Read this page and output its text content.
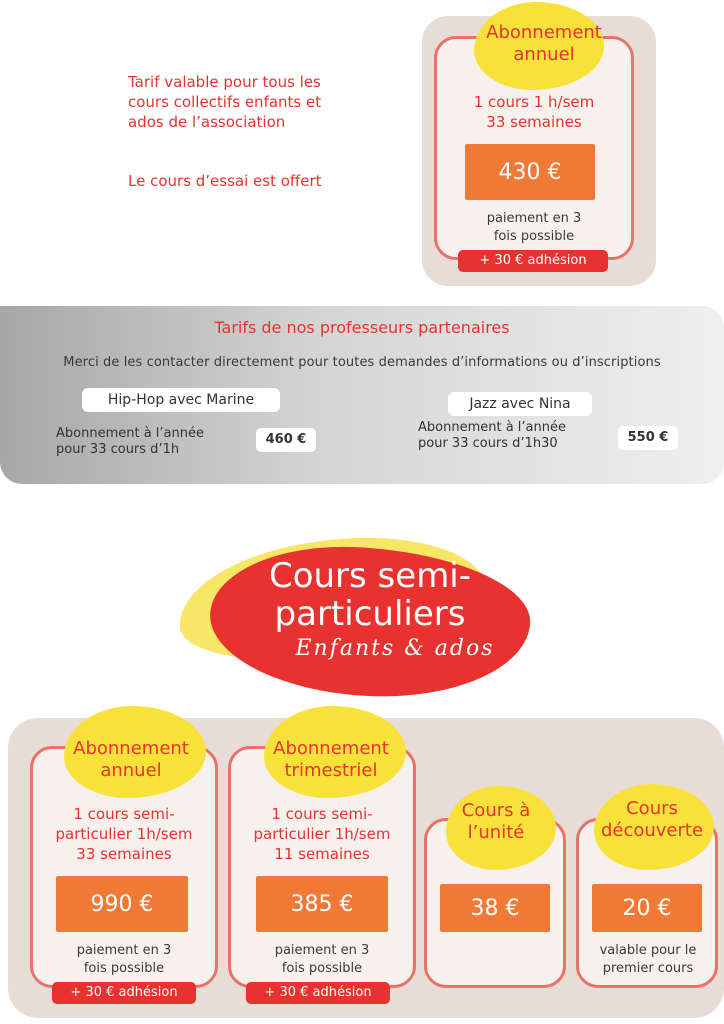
Tarif valable pour tous les
cours collectifs enfants et
ados de l’association
Le cours d’essai est offert
Abonnement
annuel
1 cours 1 h/sem
33 semaines
430 €
paiement en 3
fois possible
+ 30 € adhésion
Tarifs de nos professeurs partenaires
Merci de les contacter directement pour toutes demandes d’informations ou d’inscriptions
Hip-Hop avec Marine
Abonnement à l’année
pour 33 cours d’1h
460 €
Jazz avec Nina
Abonnement à l’année
pour 33 cours d’1h30	550 €
Cours semi-
particuliers
Enfants & ados
Abonnement
annuel
1 cours semi-
particulier 1h/sem
33 semaines
990 €
paiement en 3
fois possible
+ 30 € adhésion
Abonnement
trimestriel
1 cours semi-
particulier 1h/sem
11 semaines
385 €
paiement en 3
fois possible
+ 30 € adhésion
Cours à
l’unité
38 €
Cours
découverte
20 €
valable pour le
premier cours
